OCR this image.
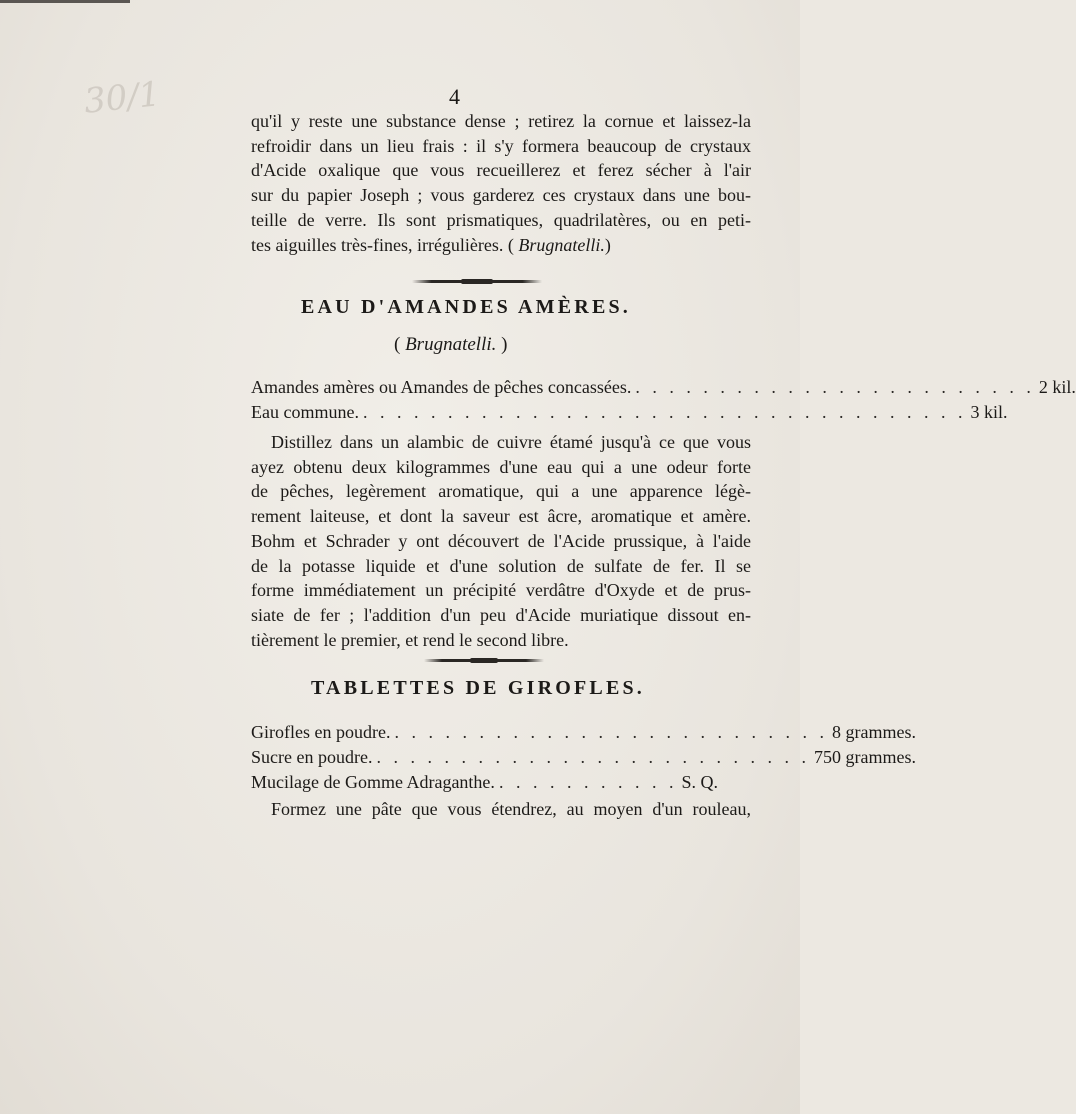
30/1	4

qu'il y reste une substance dense ; retirez la cornue et laissez-la
refroidir dans un lieu frais : il s'y formera beaucoup de crystaux
d'Acide oxalique que vous recueillerez et ferez sécher à l'air
sur du papier Joseph ; vous garderez ces crystaux dans une bou-
teille de verre. Ils sont prismatiques, quadrilatères, ou en peti-
tes aiguilles très-fines, irrégulières. ( Brugnatelli.)

EAU D'AMANDES AMÈRES.
( Brugnatelli. )
Amandes amères ou Amandes de pêches concassées. . . . . . . . . . . . . . . . . . . . . . . . . 2 kil.
Eau commune. . . . . . . . . . . . . . . . . . . . . . . . . . . . . . . . . . . . . 3 kil.

Distillez dans un alambic de cuivre étamé jusqu'à ce que vous
ayez obtenu deux kilogrammes d'une eau qui a une odeur forte
de pêches, legèrement aromatique, qui a une apparence légè-
rement laiteuse, et dont la saveur est âcre, aromatique et amère.
Bohm et Schrader y ont découvert de l'Acide prussique, à l'aide
de la potasse liquide et d'une solution de sulfate de fer. Il se
forme immédiatement un précipité verdâtre d'Oxyde et de prus-
siate de fer ; l'addition d'un peu d'Acide muriatique dissout en-
tièrement le premier, et rend le second libre.

TABLETTES DE GIROFLES.
Girofles en poudre. . . . . . . . . . . . . . . . . . . . . . . . . . . 8 grammes.
Sucre en poudre. . . . . . . . . . . . . . . . . . . . . . . . . . . 750 grammes.
Mucilage de Gomme Adraganthe. . . . . . . . . . . . S. Q.

Formez une pâte que vous étendrez, au moyen d'un rouleau,
